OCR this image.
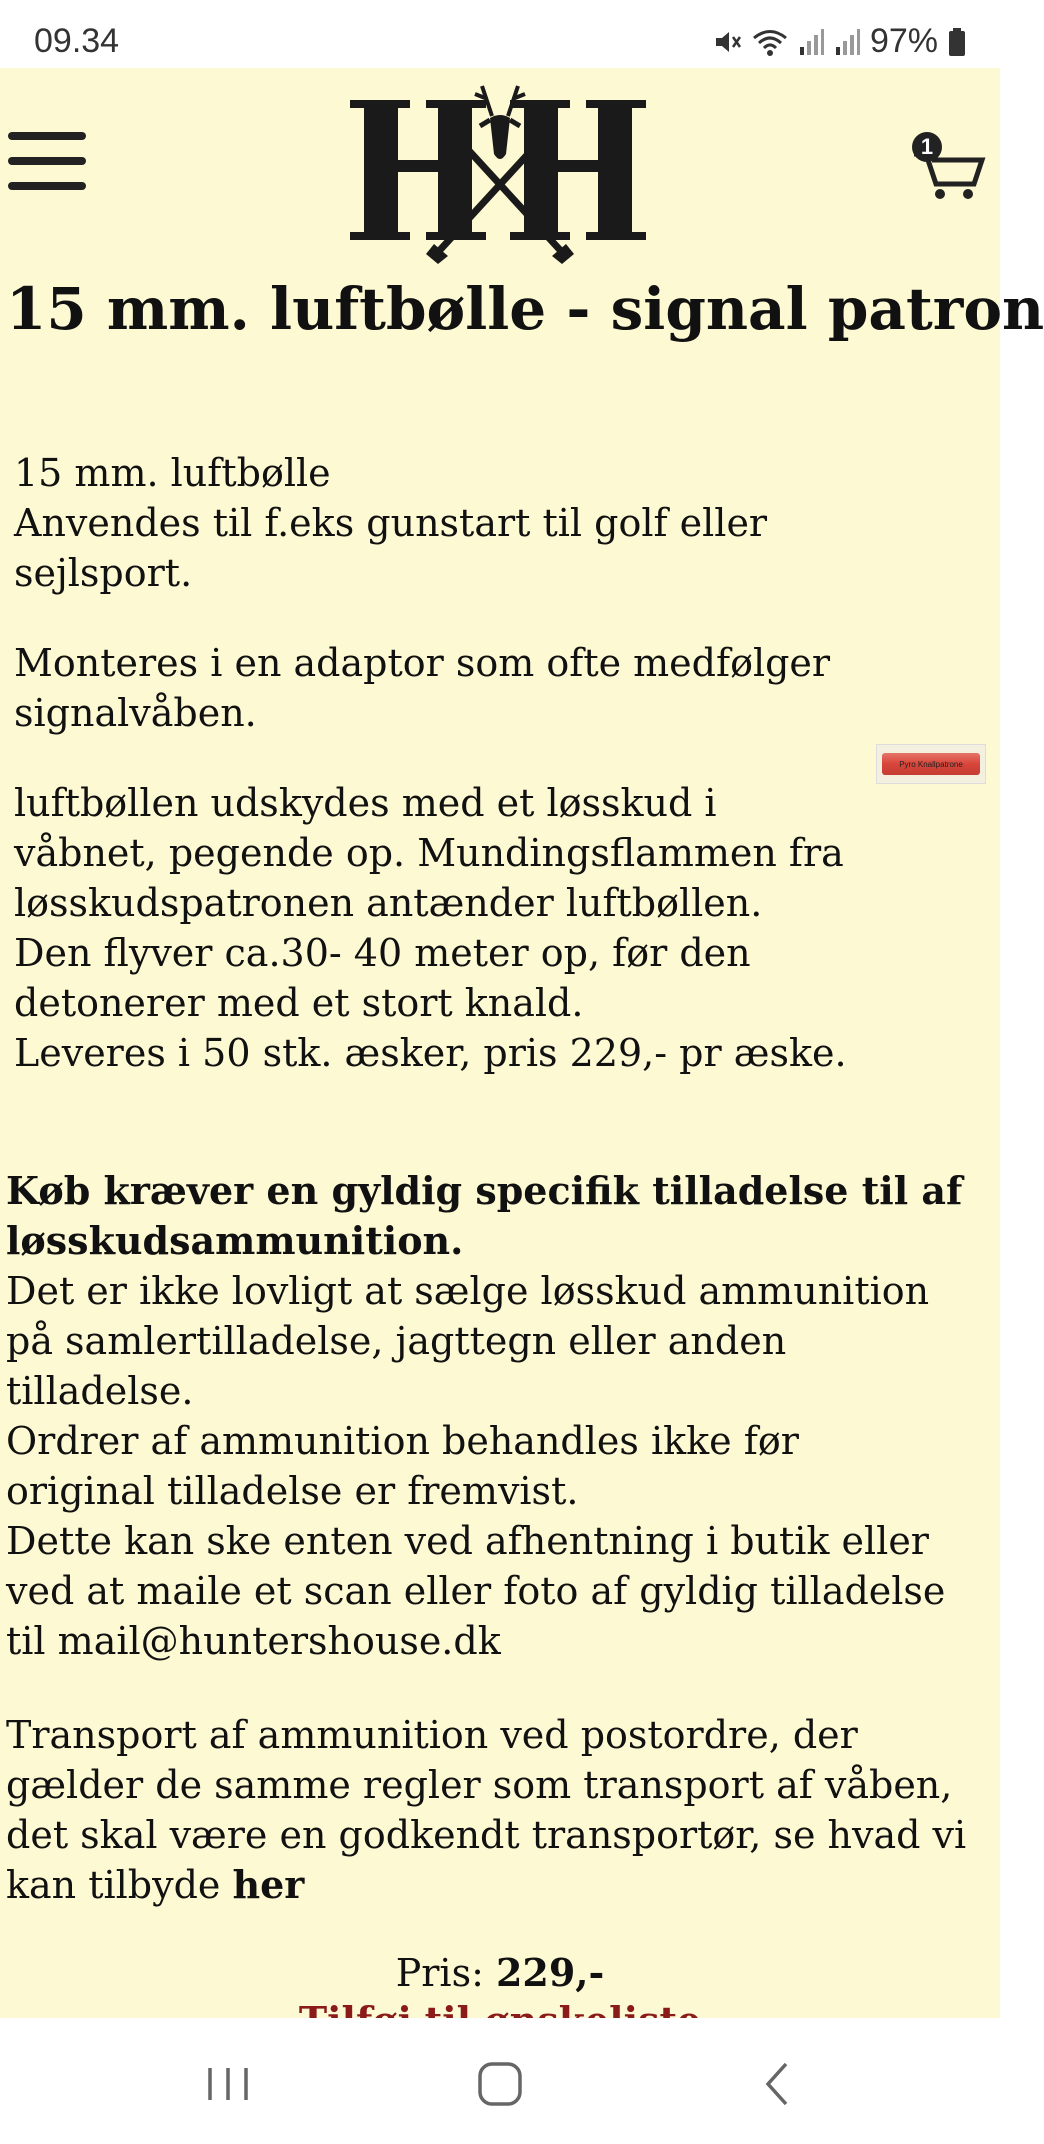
09.34	97%
1
15 mm. luftbølle - signal patron

15 mm. luftbølle
Anvendes til f.eks gunstart til golf eller
sejlsport.

Monteres i en adaptor som ofte medfølger
signalvåben.

luftbøllen udskydes med et løsskud i
våbnet, pegende op. Mundingsflammen fra
løsskudspatronen antænder luftbøllen.
Den flyver ca.30- 40 meter op, før den
detonerer med et stort knald.
Leveres i 50 stk. æsker, pris 229,- pr æske.

Pyro Knallpatrone

Køb kræver en gyldig specifik tilladelse til af
løsskudsammunition.
Det er ikke lovligt at sælge løsskud ammunition
på samlertilladelse, jagttegn eller anden
tilladelse.
Ordrer af ammunition behandles ikke før
original tilladelse er fremvist.
Dette kan ske enten ved afhentning i butik eller
ved at maile et scan eller foto af gyldig tilladelse
til mail@huntershouse.dk

Transport af ammunition ved postordre, der
gælder de samme regler som transport af våben,
det skal være en godkendt transportør, se hvad vi
kan tilbyde her

Pris: 229,-
